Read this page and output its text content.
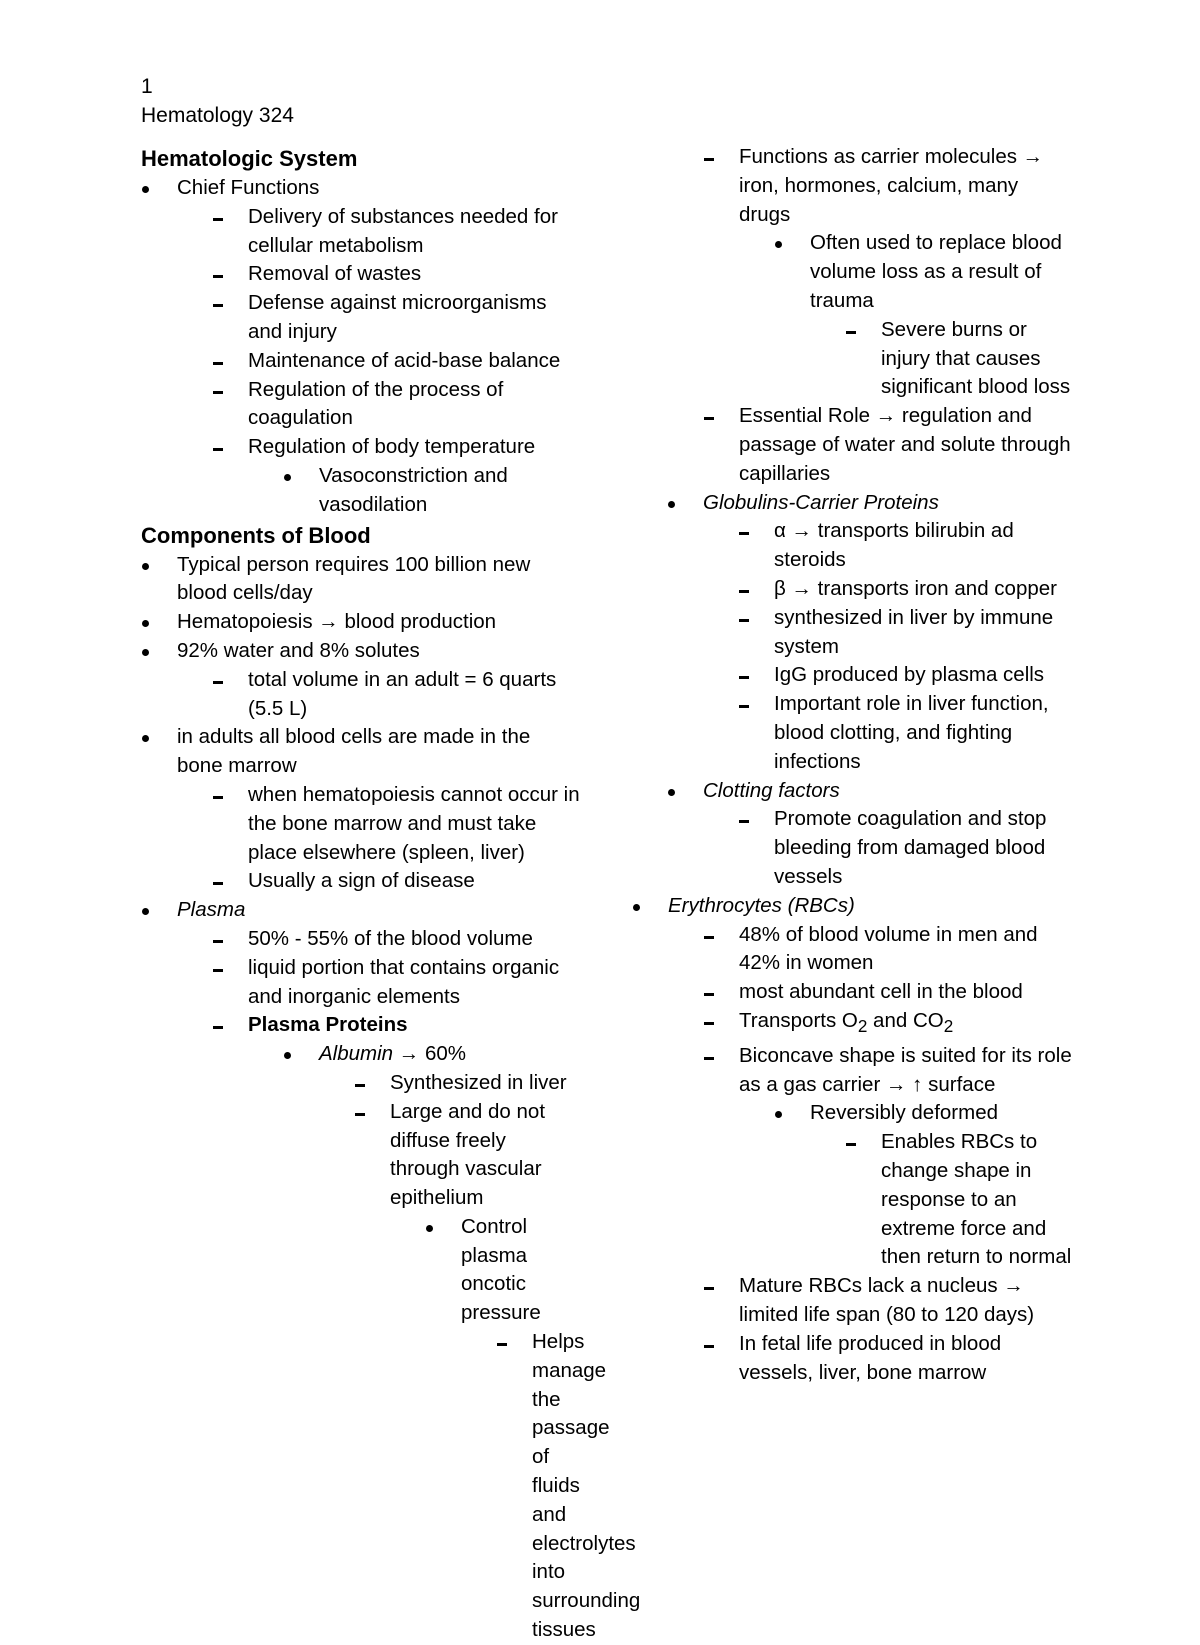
1
Hematology 324
Hematologic System
Chief Functions
Delivery of substances needed for cellular metabolism
Removal of wastes
Defense against microorganisms and injury
Maintenance of acid-base balance
Regulation of the process of coagulation
Regulation of body temperature
Vasoconstriction and vasodilation
Components of Blood
Typical person requires 100 billion new blood cells/day
Hematopoiesis → blood production
92% water and 8% solutes
total volume in an adult = 6 quarts (5.5 L)
in adults all blood cells are made in the bone marrow
when hematopoiesis cannot occur in the bone marrow and must take place elsewhere (spleen, liver)
Usually a sign of disease
Plasma
50% - 55% of the blood volume
liquid portion that contains organic and inorganic elements
Plasma Proteins
Albumin → 60%
Synthesized in liver
Large and do not diffuse freely through vascular epithelium
Control plasma oncotic pressure
Helps manage the passage of fluids and electrolytes into surrounding tissues
Functions as carrier molecules → iron, hormones, calcium, many drugs
Often used to replace blood volume loss as a result of trauma
Severe burns or injury that causes significant blood loss
Essential Role → regulation and passage of water and solute through capillaries
Globulins-Carrier Proteins
α → transports bilirubin ad steroids
β → transports iron and copper
synthesized in liver by immune system
IgG produced by plasma cells
Important role in liver function, blood clotting, and fighting infections
Clotting factors
Promote coagulation and stop bleeding from damaged blood vessels
Erythrocytes (RBCs)
48% of blood volume in men and 42% in women
most abundant cell in the blood
Transports $O_2$ and $CO_2$
Biconcave shape is suited for its role as a gas carrier → ↑ surface
Reversibly deformed
Enables RBCs to change shape in response to an extreme force and then return to normal
Mature RBCs lack a nucleus → limited life span (80 to 120 days)
In fetal life produced in blood vessels, liver, bone marrow
